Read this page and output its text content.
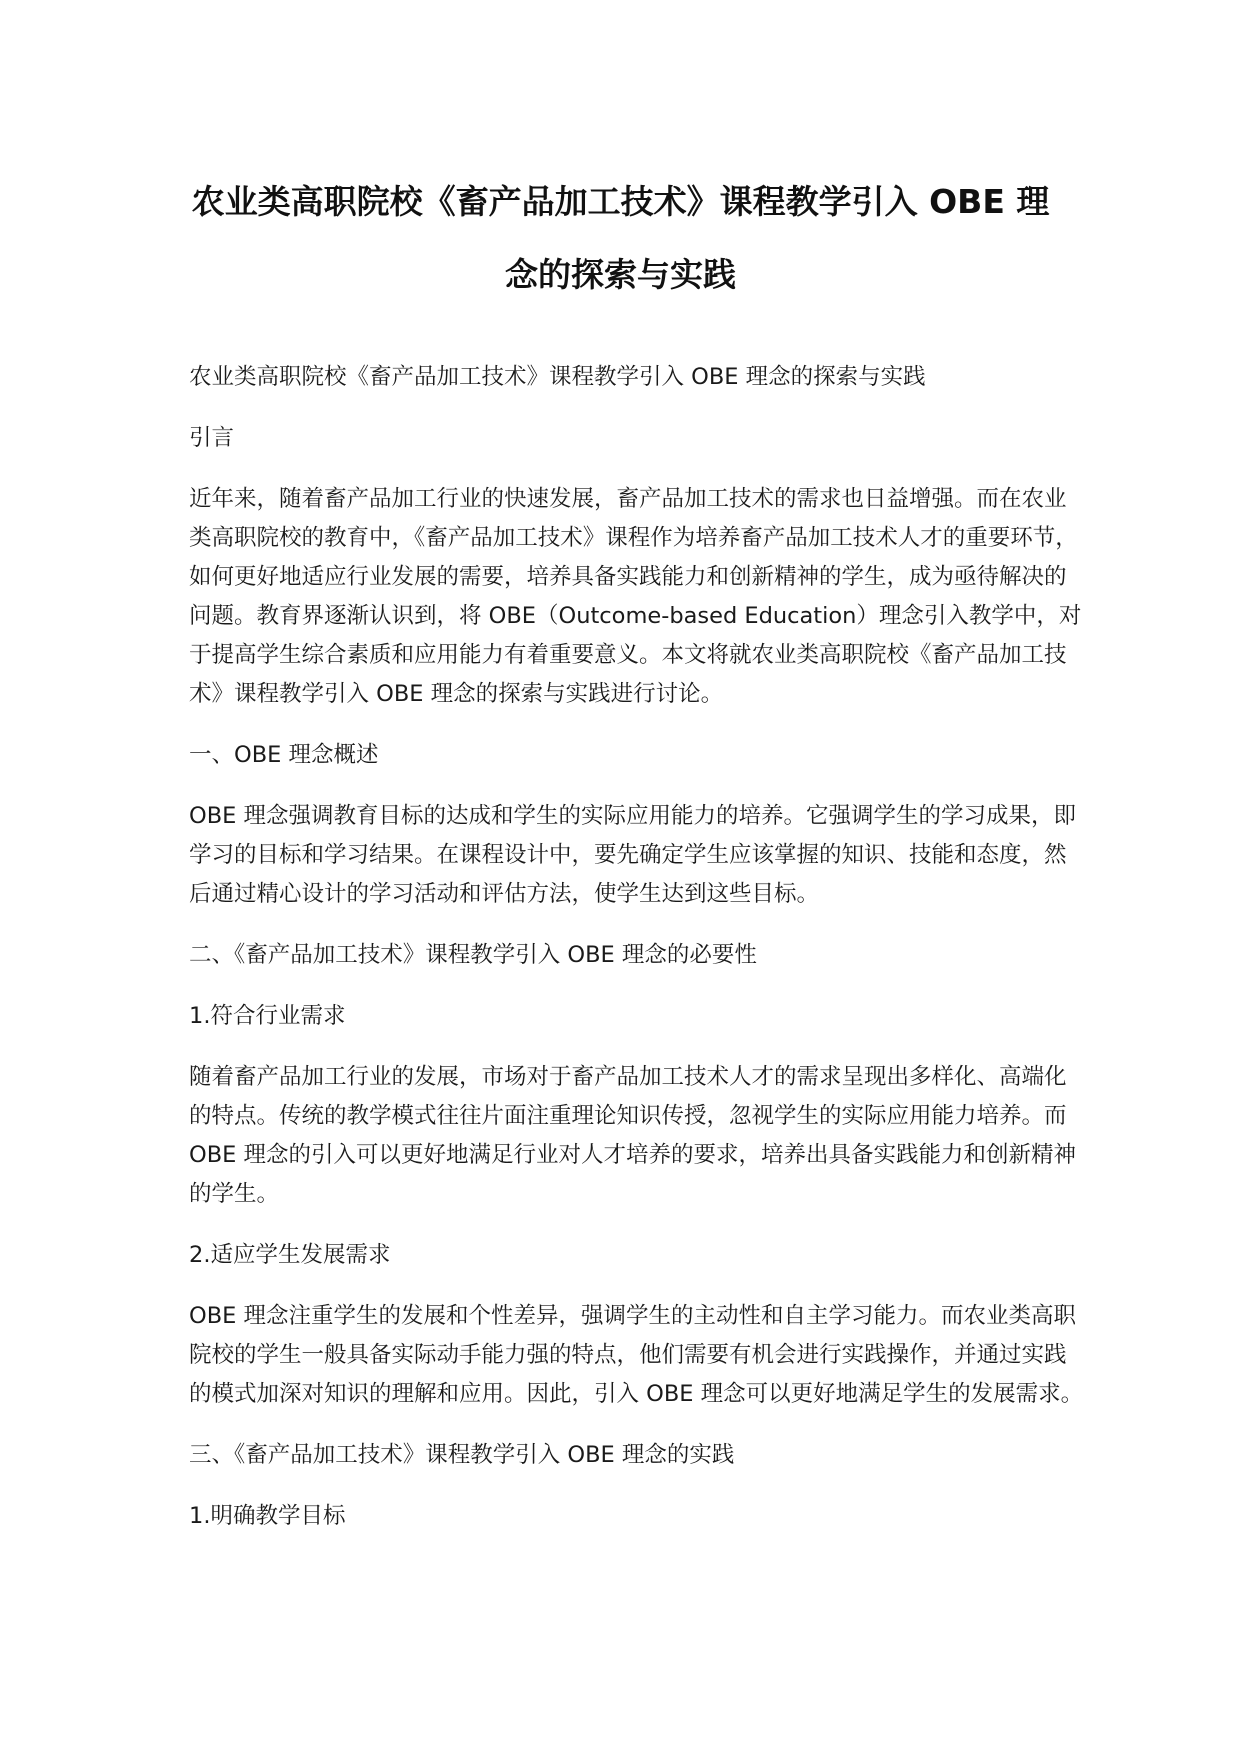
农业类高职院校《畜产品加工技术》课程教学引入 OBE 理
念的探索与实践

农业类高职院校《畜产品加工技术》课程教学引入 OBE 理念的探索与实践

引言

近年来，随着畜产品加工行业的快速发展，畜产品加工技术的需求也日益增强。而在农业类高职院校的教育中，《畜产品加工技术》课程作为培养畜产品加工技术人才的重要环节，如何更好地适应行业发展的需要，培养具备实践能力和创新精神的学生，成为亟待解决的问题。教育界逐渐认识到，将 OBE（Outcome-based Education）理念引入教学中，对于提高学生综合素质和应用能力有着重要意义。本文将就农业类高职院校《畜产品加工技术》课程教学引入 OBE 理念的探索与实践进行讨论。

一、OBE 理念概述

OBE 理念强调教育目标的达成和学生的实际应用能力的培养。它强调学生的学习成果，即学习的目标和学习结果。在课程设计中，要先确定学生应该掌握的知识、技能和态度，然后通过精心设计的学习活动和评估方法，使学生达到这些目标。

二、《畜产品加工技术》课程教学引入 OBE 理念的必要性

1.符合行业需求

随着畜产品加工行业的发展，市场对于畜产品加工技术人才的需求呈现出多样化、高端化的特点。传统的教学模式往往片面注重理论知识传授，忽视学生的实际应用能力培养。而 OBE 理念的引入可以更好地满足行业对人才培养的要求，培养出具备实践能力和创新精神的学生。

2.适应学生发展需求

OBE 理念注重学生的发展和个性差异，强调学生的主动性和自主学习能力。而农业类高职院校的学生一般具备实际动手能力强的特点，他们需要有机会进行实践操作，并通过实践的模式加深对知识的理解和应用。因此，引入 OBE 理念可以更好地满足学生的发展需求。

三、《畜产品加工技术》课程教学引入 OBE 理念的实践

1.明确教学目标
